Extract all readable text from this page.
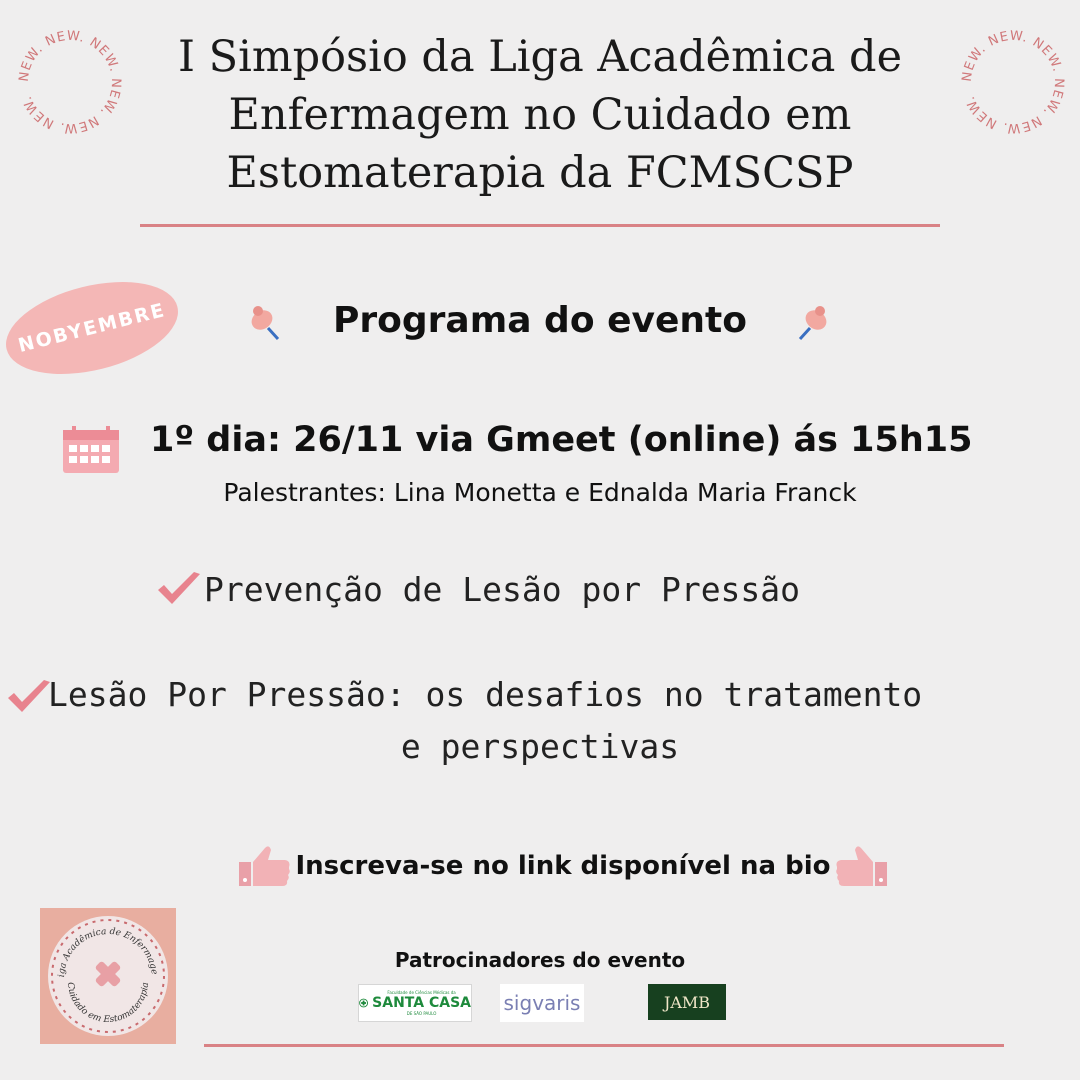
NEW. NEW. NEW. NEW. NEW. NEW.
NEW. NEW. NEW. NEW. NEW. NEW.
I Simpósio da Liga Acadêmica de
Enfermagem no Cuidado em
Estomaterapia da FCMSCSP
NOBYEMBRE	Programa do evento
1º dia: 26/11 via Gmeet (online) ás 15h15
Palestrantes: Lina Monetta e Ednalda Maria Franck
Prevenção de Lesão por Pressão
Lesão Por Pressão: os desafios no tratamento
e perspectivas
Inscreva-se no link disponível na bio
iga Acadêmica de Enfermage
Cuidado em Estomaterapia
Patrocinadores do evento
Faculdade de Ciências Médicas da
SANTA CASA
DE SÃO PAULO	sigvaris	JAMB
